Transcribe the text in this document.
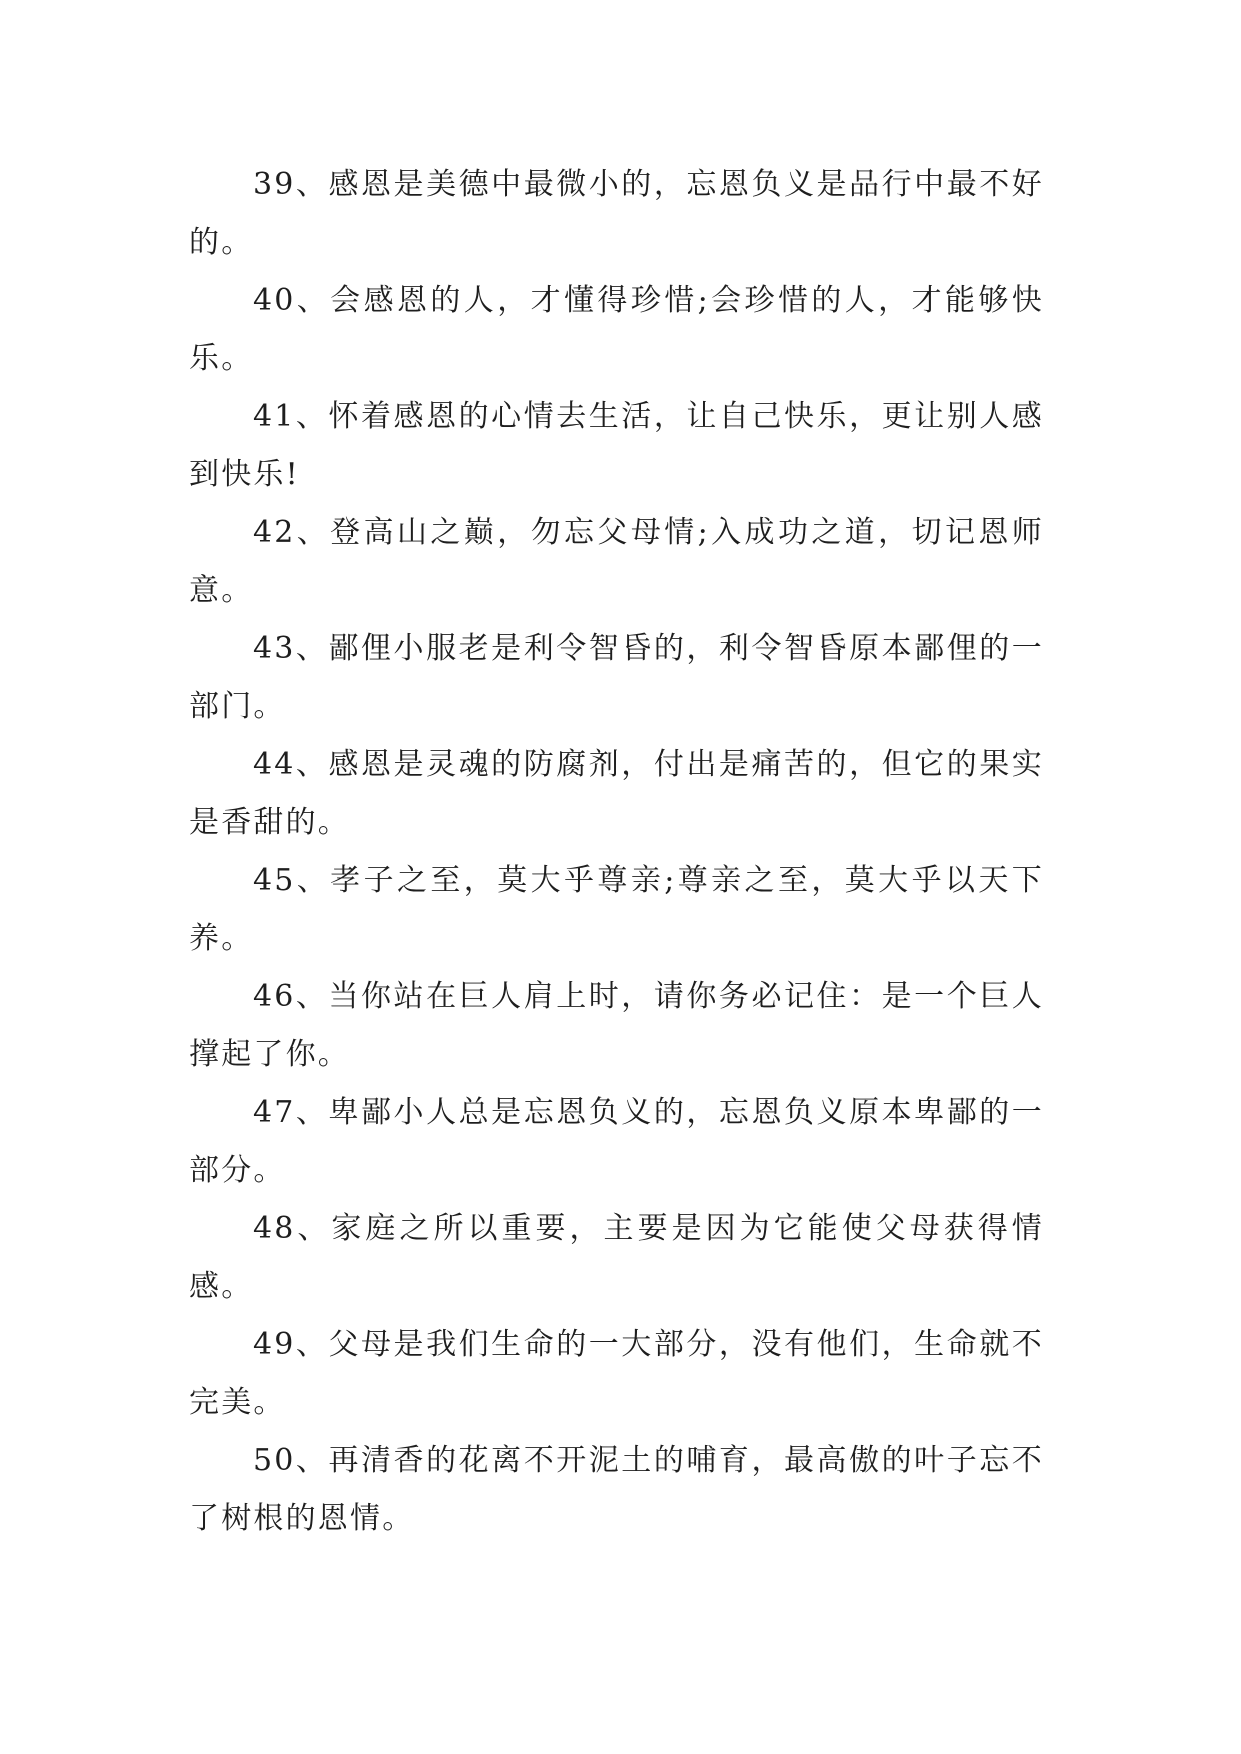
39、感恩是美德中最微小的，忘恩负义是品行中最不好的。

40、会感恩的人，才懂得珍惜;会珍惜的人，才能够快乐。

41、怀着感恩的心情去生活，让自己快乐，更让别人感到快乐!

42、登高山之巅，勿忘父母情;入成功之道，切记恩师意。

43、鄙俚小服老是利令智昏的，利令智昏原本鄙俚的一部门。

44、感恩是灵魂的防腐剂，付出是痛苦的，但它的果实是香甜的。

45、孝子之至，莫大乎尊亲;尊亲之至，莫大乎以天下养。

46、当你站在巨人肩上时，请你务必记住：是一个巨人撑起了你。

47、卑鄙小人总是忘恩负义的，忘恩负义原本卑鄙的一部分。

48、家庭之所以重要，主要是因为它能使父母获得情感。

49、父母是我们生命的一大部分，没有他们，生命就不完美。

50、再清香的花离不开泥土的哺育，最高傲的叶子忘不了树根的恩情。
